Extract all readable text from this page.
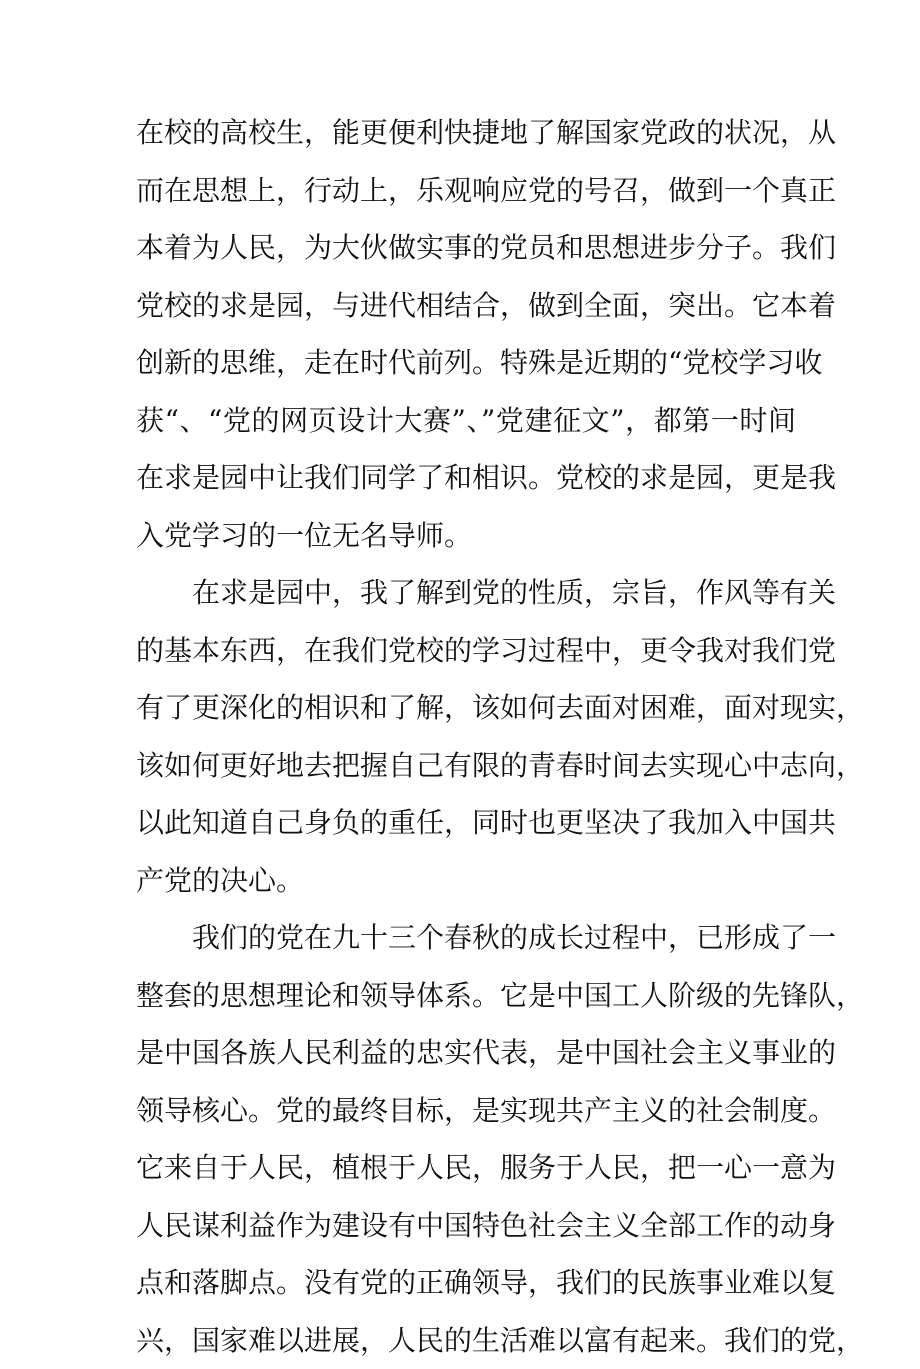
在校的高校生，能更便利快捷地了解国家党政的状况，从
而在思想上，行动上，乐观响应党的号召，做到一个真正
本着为人民，为大伙做实事的党员和思想进步分子。我们
党校的求是园，与进代相结合，做到全面，突出。它本着
创新的思维，走在时代前列。特殊是近期的“党校学习收
获“、“党的网页设计大赛”、”党建征文”，都第一时间
在求是园中让我们同学了和相识。党校的求是园，更是我
入党学习的一位无名导师。
在求是园中，我了解到党的性质，宗旨，作风等有关
的基本东西，在我们党校的学习过程中，更令我对我们党
有了更深化的相识和了解，该如何去面对困难，面对现实，
该如何更好地去把握自己有限的青春时间去实现心中志向，
以此知道自己身负的重任，同时也更坚决了我加入中国共
产党的决心。
我们的党在九十三个春秋的成长过程中，已形成了一
整套的思想理论和领导体系。它是中国工人阶级的先锋队，
是中国各族人民利益的忠实代表，是中国社会主义事业的
领导核心。党的最终目标，是实现共产主义的社会制度。
它来自于人民，植根于人民，服务于人民，把一心一意为
人民谋利益作为建设有中国特色社会主义全部工作的动身
点和落脚点。没有党的正确领导，我们的民族事业难以复
兴，国家难以进展，人民的生活难以富有起来。我们的党，
